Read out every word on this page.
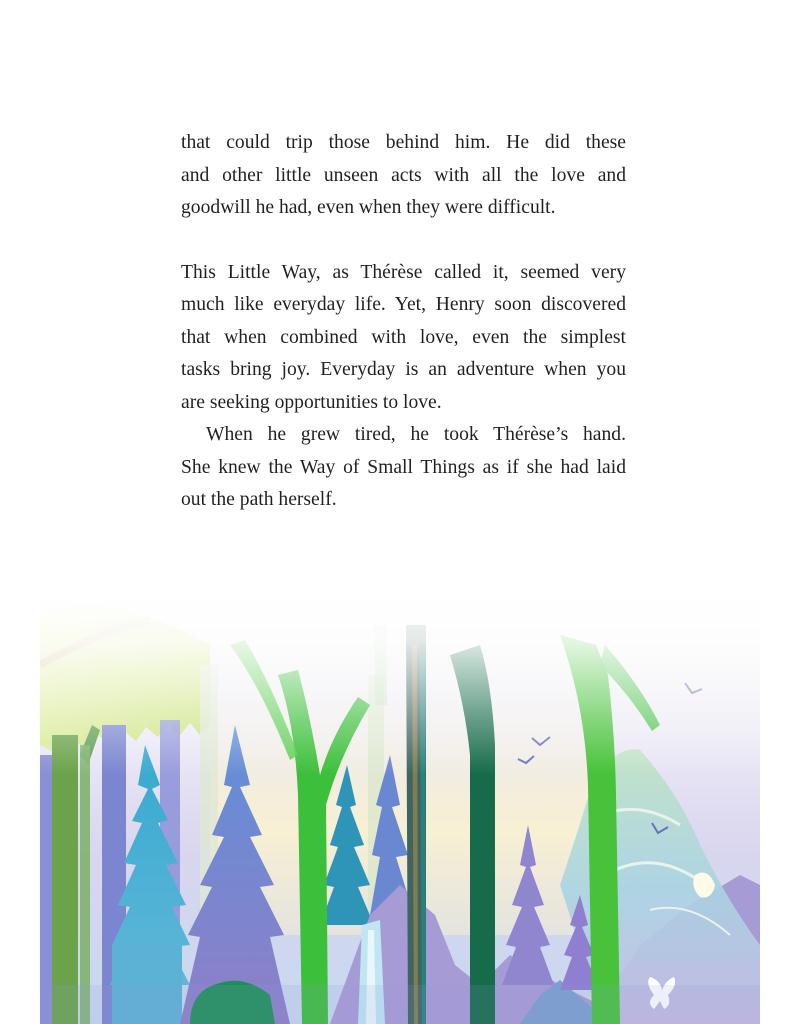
that could trip those behind him. He did these
and other little unseen acts with all the love and
goodwill he had, even when they were difficult.
This Little Way, as Thérèse called it, seemed very
much like everyday life. Yet, Henry soon discovered
that when combined with love, even the simplest
tasks bring joy. Everyday is an adventure when you
are seeking opportunities to love.
When he grew tired, he took Thérèse’s hand.
She knew the Way of Small Things as if she had laid
out the path herself.
